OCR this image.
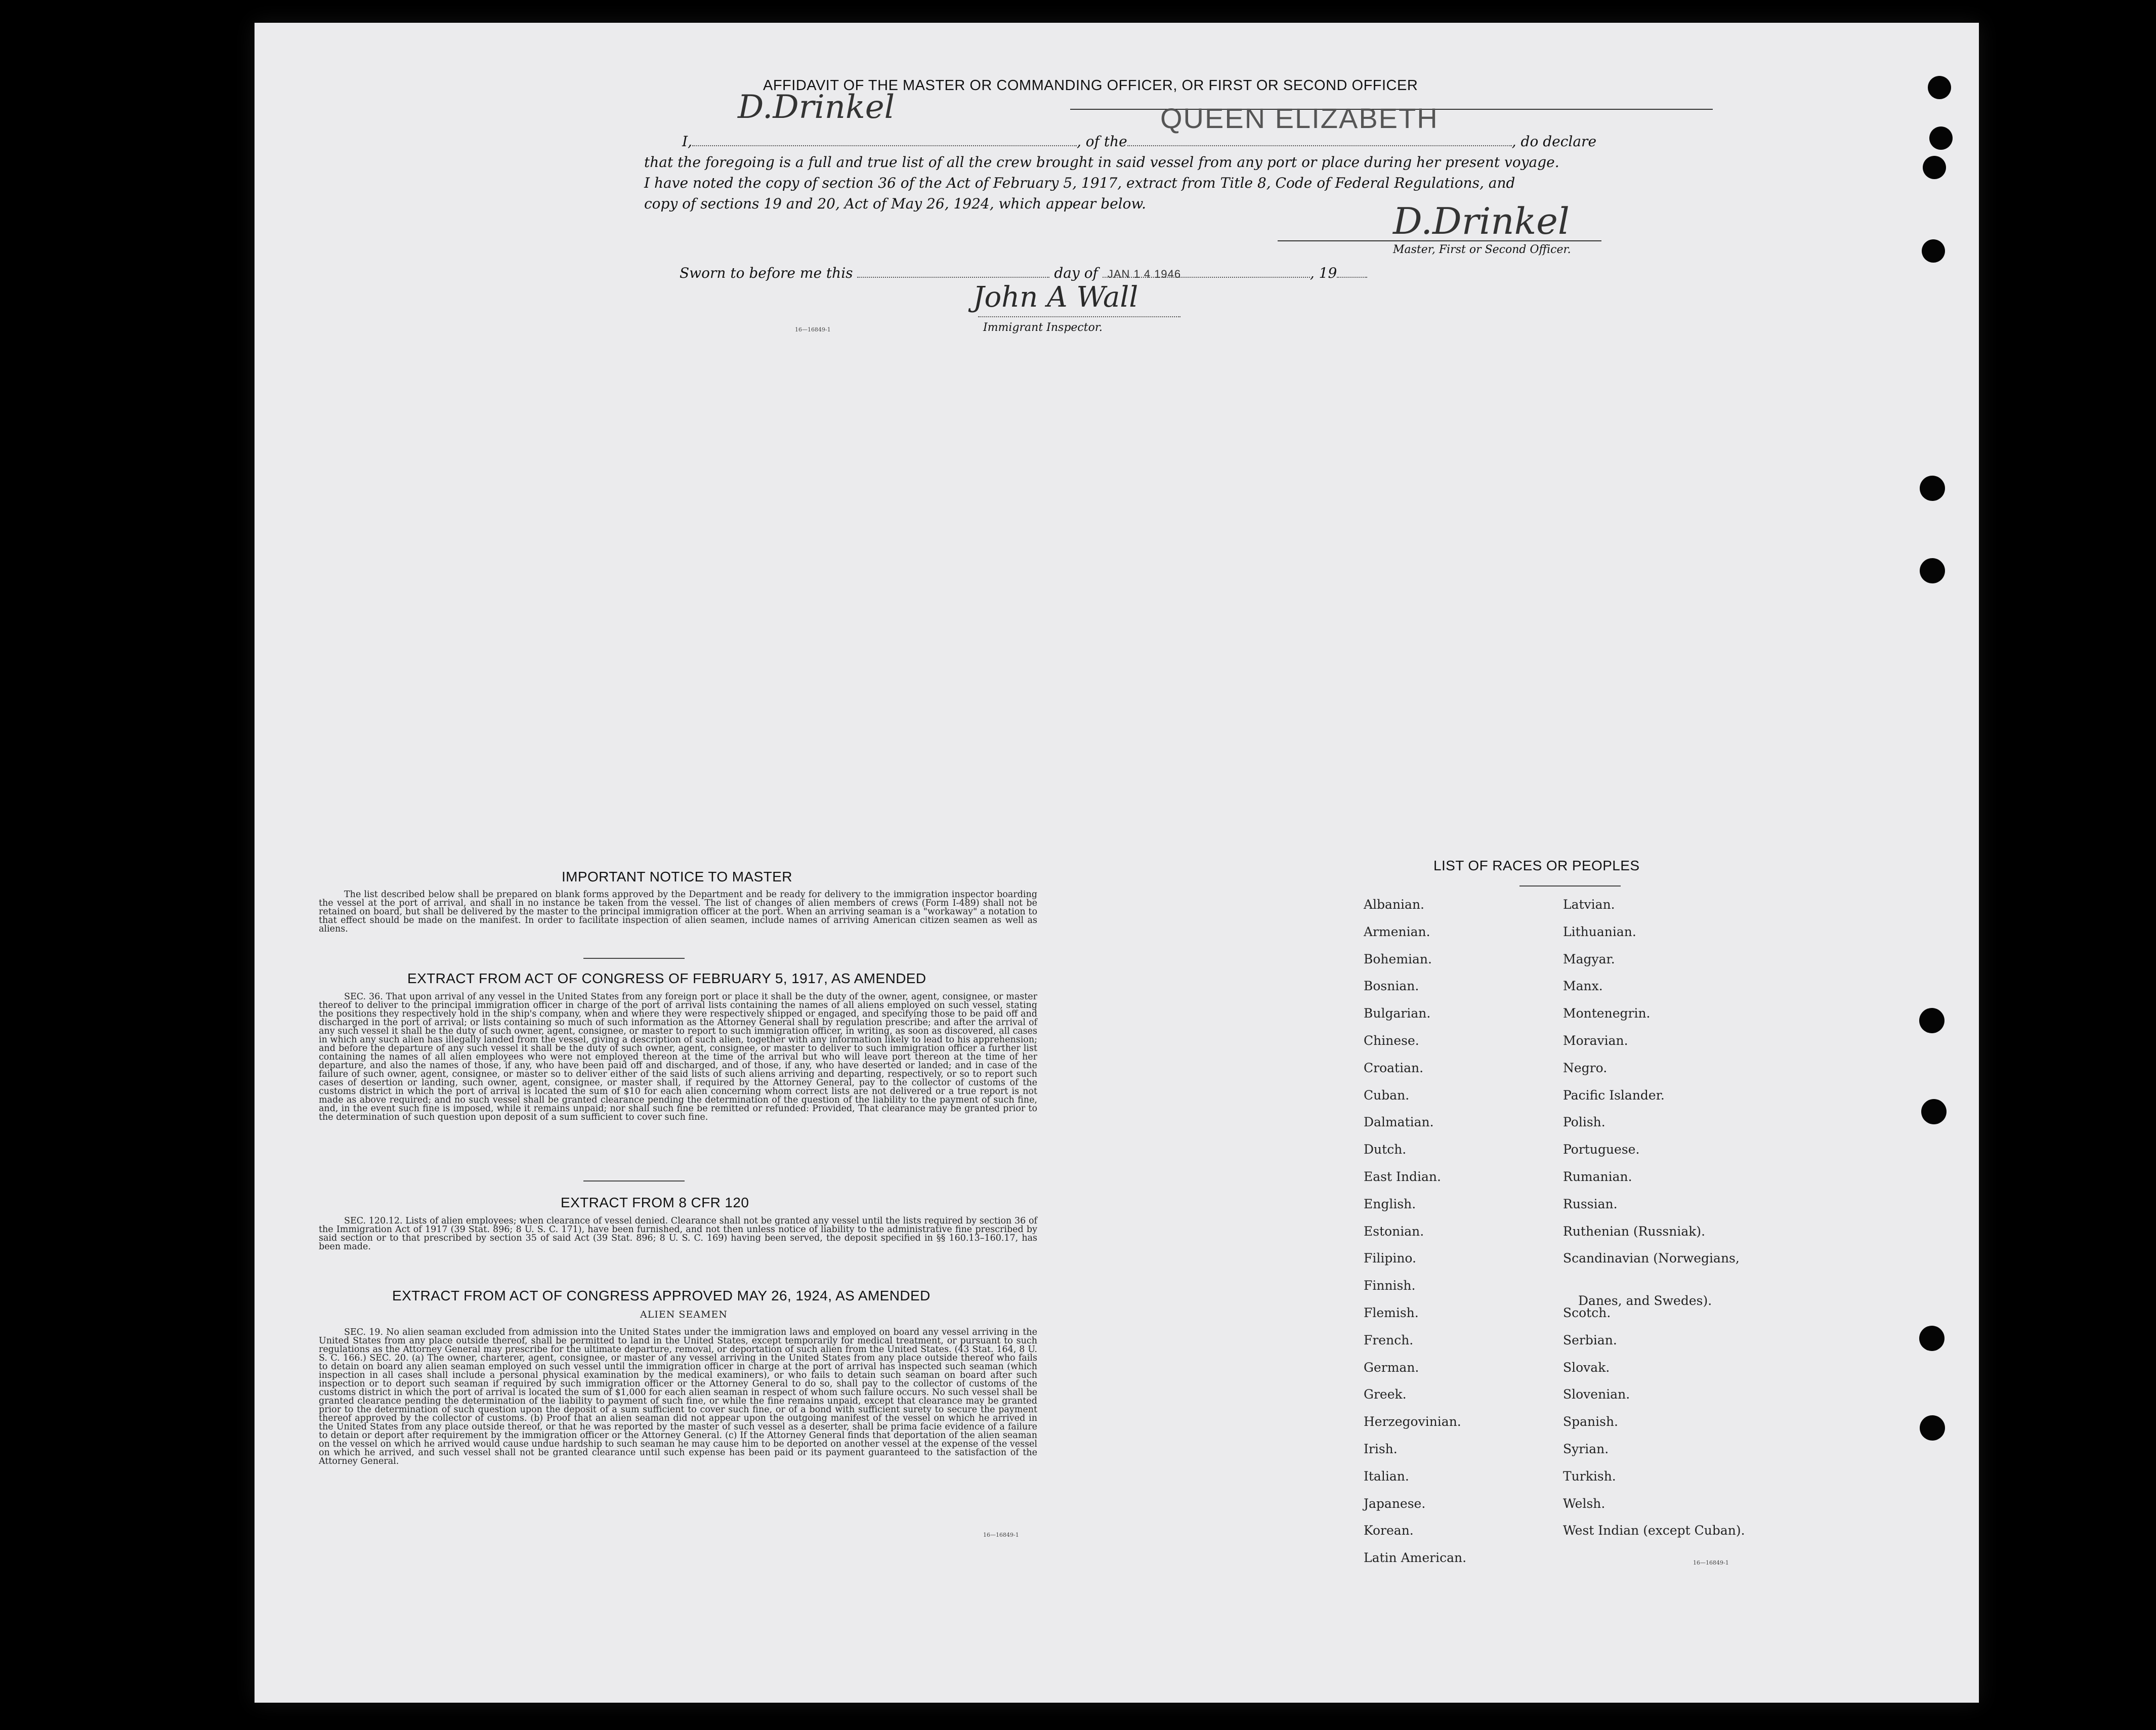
AFFIDAVIT OF THE MASTER OR COMMANDING OFFICER, OR FIRST OR SECOND OFFICER
QUEEN ELIZABETH
I,	, of the	, do declare
that the foregoing is a full and true list of all the crew brought in said vessel from any port or place during her present voyage.
I have noted the copy of section 36 of the Act of February 5, 1917, extract from Title 8, Code of Federal Regulations, and
copy of sections 19 and 20, Act of May 26, 1924, which appear below.
D.Drinkel
D.Drinkel
Master, First or Second Officer.
Sworn to before me this	day of JAN 1 4 1946	, 19
John A Wall
16—16849-1	Immigrant Inspector.
IMPORTANT NOTICE TO MASTER
The list described below shall be prepared on blank forms approved by the Department and be ready for delivery to the immigration inspector boarding the vessel at the port of arrival, and shall in no instance be taken from the vessel. The list of changes of alien members of crews (Form I-489) shall not be retained on board, but shall be delivered by the master to the principal immigration officer at the port. When an arriving seaman is a "workaway" a notation to that effect should be made on the manifest. In order to facilitate inspection of alien seamen, include names of arriving American citizen seamen as well as aliens.
EXTRACT FROM ACT OF CONGRESS OF FEBRUARY 5, 1917, AS AMENDED
SEC. 36. That upon arrival of any vessel in the United States from any foreign port or place it shall be the duty of the owner, agent, consignee, or master thereof to deliver to the principal immigration officer in charge of the port of arrival lists containing the names of all aliens employed on such vessel, stating the positions they respectively hold in the ship's company, when and where they were respectively shipped or engaged, and specifying those to be paid off and discharged in the port of arrival; or lists containing so much of such information as the Attorney General shall by regulation prescribe; and after the arrival of any such vessel it shall be the duty of such owner, agent, consignee, or master to report to such immigration officer, in writing, as soon as discovered, all cases in which any such alien has illegally landed from the vessel, giving a description of such alien, together with any information likely to lead to his apprehension; and before the departure of any such vessel it shall be the duty of such owner, agent, consignee, or master to deliver to such immigration officer a further list containing the names of all alien employees who were not employed thereon at the time of the arrival but who will leave port thereon at the time of her departure, and also the names of those, if any, who have been paid off and discharged, and of those, if any, who have deserted or landed; and in case of the failure of such owner, agent, consignee, or master so to deliver either of the said lists of such aliens arriving and departing, respectively, or so to report such cases of desertion or landing, such owner, agent, consignee, or master shall, if required by the Attorney General, pay to the collector of customs of the customs district in which the port of arrival is located the sum of $10 for each alien concerning whom correct lists are not delivered or a true report is not made as above required; and no such vessel shall be granted clearance pending the determination of the question of the liability to the payment of such fine, and, in the event such fine is imposed, while it remains unpaid; nor shall such fine be remitted or refunded: Provided, That clearance may be granted prior to the determination of such question upon deposit of a sum sufficient to cover such fine.
EXTRACT FROM 8 CFR 120
SEC. 120.12. Lists of alien employees; when clearance of vessel denied. Clearance shall not be granted any vessel until the lists required by section 36 of the Immigration Act of 1917 (39 Stat. 896; 8 U. S. C. 171), have been furnished, and not then unless notice of liability to the administrative fine prescribed by said section or to that prescribed by section 35 of said Act (39 Stat. 896; 8 U. S. C. 169) having been served, the deposit specified in §§ 160.13–160.17, has been made.
EXTRACT FROM ACT OF CONGRESS APPROVED MAY 26, 1924, AS AMENDED
ALIEN SEAMEN
SEC. 19. No alien seaman excluded from admission into the United States under the immigration laws and employed on board any vessel arriving in the United States from any place outside thereof, shall be permitted to land in the United States, except temporarily for medical treatment, or pursuant to such regulations as the Attorney General may prescribe for the ultimate departure, removal, or deportation of such alien from the United States. (43 Stat. 164, 8 U. S. C. 166.) SEC. 20. (a) The owner, charterer, agent, consignee, or master of any vessel arriving in the United States from any place outside thereof who fails to detain on board any alien seaman employed on such vessel until the immigration officer in charge at the port of arrival has inspected such seaman (which inspection in all cases shall include a personal physical examination by the medical examiners), or who fails to detain such seaman on board after such inspection or to deport such seaman if required by such immigration officer or the Attorney General to do so, shall pay to the collector of customs of the customs district in which the port of arrival is located the sum of $1,000 for each alien seaman in respect of whom such failure occurs. No such vessel shall be granted clearance pending the determination of the liability to payment of such fine, or while the fine remains unpaid, except that clearance may be granted prior to the determination of such question upon the deposit of a sum sufficient to cover such fine, or of a bond with sufficient surety to secure the payment thereof approved by the collector of customs. (b) Proof that an alien seaman did not appear upon the outgoing manifest of the vessel on which he arrived in the United States from any place outside thereof, or that he was reported by the master of such vessel as a deserter, shall be prima facie evidence of a failure to detain or deport after requirement by the immigration officer or the Attorney General. (c) If the Attorney General finds that deportation of the alien seaman on the vessel on which he arrived would cause undue hardship to such seaman he may cause him to be deported on another vessel at the expense of the vessel on which he arrived, and such vessel shall not be granted clearance until such expense has been paid or its payment guaranteed to the satisfaction of the Attorney General.
16—16849-1
LIST OF RACES OR PEOPLES
16—16849-1
Albanian.
Armenian.
Bohemian.
Bosnian.
Bulgarian.
Chinese.
Croatian.
Cuban.
Dalmatian.
Dutch.
East Indian.
English.
Estonian.
Filipino.
Finnish.
Flemish.
French.
German.
Greek.
Herzegovinian.
Irish.
Italian.
Japanese.
Korean.
Latin American.
Latvian.
Lithuanian.
Magyar.
Manx.
Montenegrin.
Moravian.
Negro.
Pacific Islander.
Polish.
Portuguese.
Rumanian.
Russian.
Ruthenian (Russniak).
Scandinavian (Norwegians,
Danes, and Swedes).
Scotch.
Serbian.
Slovak.
Slovenian.
Spanish.
Syrian.
Turkish.
Welsh.
West Indian (except Cuban).
